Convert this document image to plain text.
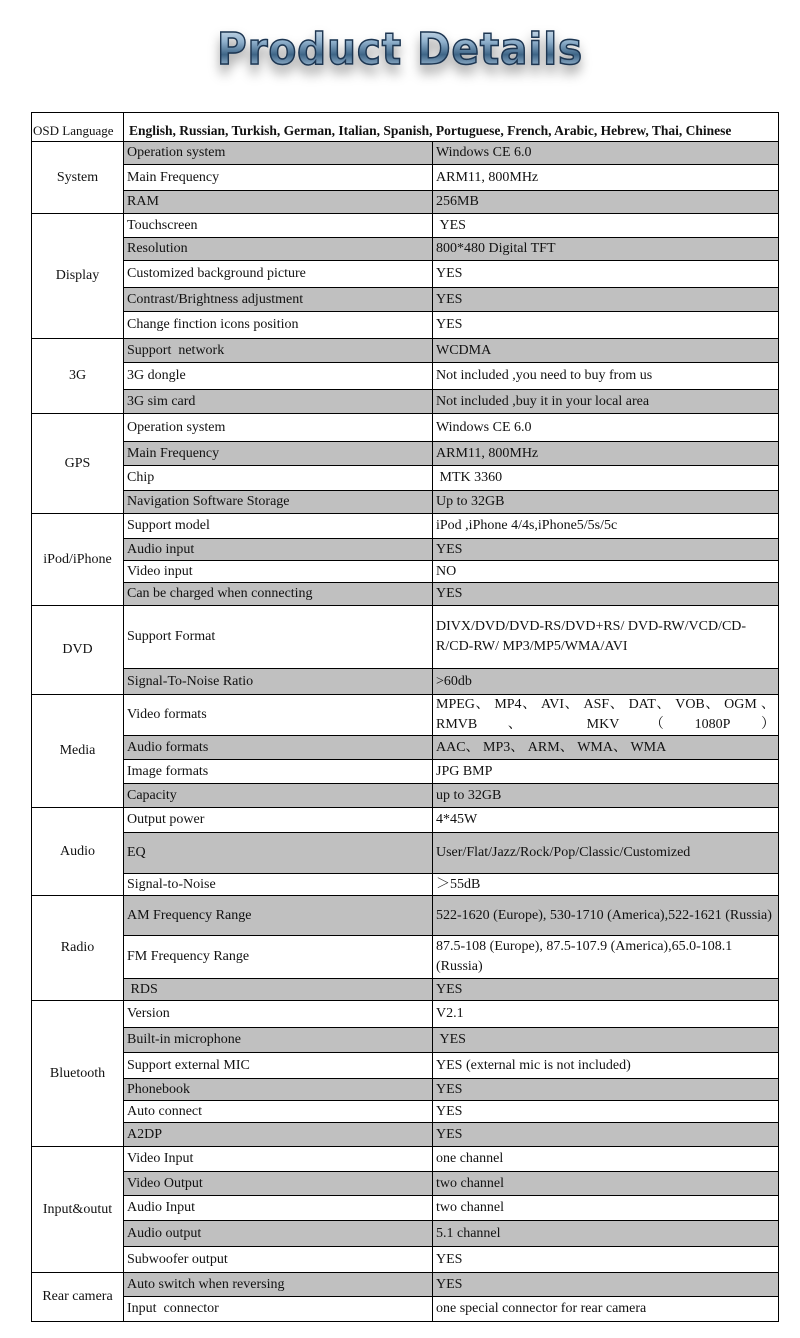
Product Details
OSD Language	English, Russian, Turkish, German, Italian, Spanish, Portuguese, French, Arabic, Hebrew, Thai, Chinese	
System	Operation system	Windows CE 6.0
	Main Frequency	ARM11, 800MHz
	RAM	256MB
Display	Touchscreen	YES
	Resolution	800*480 Digital TFT
	Customized background picture	YES
	Contrast/Brightness adjustment	YES
	Change finction icons position	YES
3G	Support  network	WCDMA
	3G dongle	Not included ,you need to buy from us
	3G sim card	Not included ,buy it in your local area
GPS	Operation system	Windows CE 6.0
	Main Frequency	ARM11, 800MHz
	Chip	MTK 3360
	Navigation Software Storage	Up to 32GB
iPod/iPhone	Support model	iPod ,iPhone 4/4s,iPhone5/5s/5c
	Audio input	YES
	Video input	NO
	Can be charged when connecting	YES
DVD	Support Format	DIVX/DVD/DVD-RS/DVD+RS/ DVD-RW/VCD/CD-R/CD-RW/ MP3/MP5/WMA/AVI
	Signal-To-Noise Ratio	>60db
Media	Video formats	MPEG、 MP4、 AVI、 ASF、 DAT、 VOB、 OGM 、 RMVB、 MKV（1080P）
	Audio formats	AAC、 MP3、 ARM、 WMA、 WMA
	Image formats	JPG BMP
	Capacity	up to 32GB
Audio	Output power	4*45W
	EQ	User/Flat/Jazz/Rock/Pop/Classic/Customized
	Signal-to-Noise	＞55dB
Radio	AM Frequency Range	522-1620 (Europe), 530-1710 (America),522-1621 (Russia)
	FM Frequency Range	87.5-108 (Europe), 87.5-107.9 (America),65.0-108.1 (Russia)
	RDS	YES
Bluetooth	Version	V2.1
	Built-in microphone	YES
	Support external MIC	YES (external mic is not included)
	Phonebook	YES
	Auto connect	YES
	A2DP	YES
Input&outut	Video Input	one channel
	Video Output	two channel
	Audio Input	two channel
	Audio output	5.1 channel
	Subwoofer output	YES
Rear camera	Auto switch when reversing	YES
	Input  connector	one special connector for rear camera
